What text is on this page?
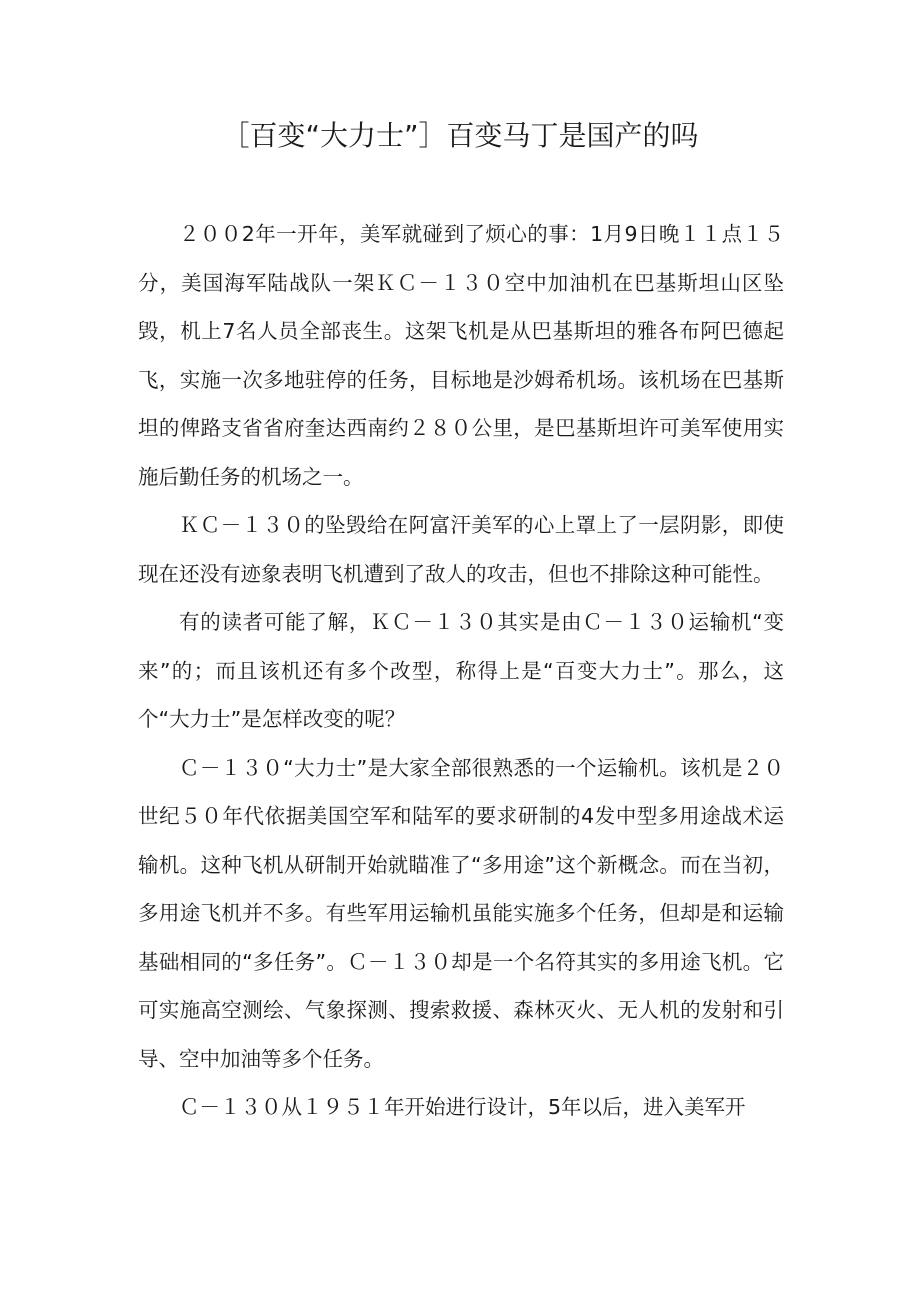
［百变“大力士”］百变马丁是国产的吗

２００2年一开年，美军就碰到了烦心的事：1月9日晚１１点１５分，美国海军陆战队一架ＫＣ－１３０空中加油机在巴基斯坦山区坠毁，机上7名人员全部丧生。这架飞机是从巴基斯坦的雅各布阿巴德起飞，实施一次多地驻停的任务，目标地是沙姆希机场。该机场在巴基斯坦的俾路支省省府奎达西南约２８０公里，是巴基斯坦许可美军使用实施后勤任务的机场之一。

ＫＣ－１３０的坠毁给在阿富汗美军的心上罩上了一层阴影，即使现在还没有迹象表明飞机遭到了敌人的攻击，但也不排除这种可能性。

有的读者可能了解，ＫＣ－１３０其实是由Ｃ－１３０运输机“变来”的；而且该机还有多个改型，称得上是“百变大力士”。那么，这个“大力士”是怎样改变的呢？

Ｃ－１３０“大力士”是大家全部很熟悉的一个运输机。该机是２０世纪５０年代依据美国空军和陆军的要求研制的4发中型多用途战术运输机。这种飞机从研制开始就瞄准了“多用途”这个新概念。而在当初，多用途飞机并不多。有些军用运输机虽能实施多个任务，但却是和运输基础相同的“多任务”。Ｃ－１３０却是一个名符其实的多用途飞机。它可实施高空测绘、气象探测、搜索救援、森林灭火、无人机的发射和引导、空中加油等多个任务。

Ｃ－１３０从１９５１年开始进行设计，5年以后，进入美军开
